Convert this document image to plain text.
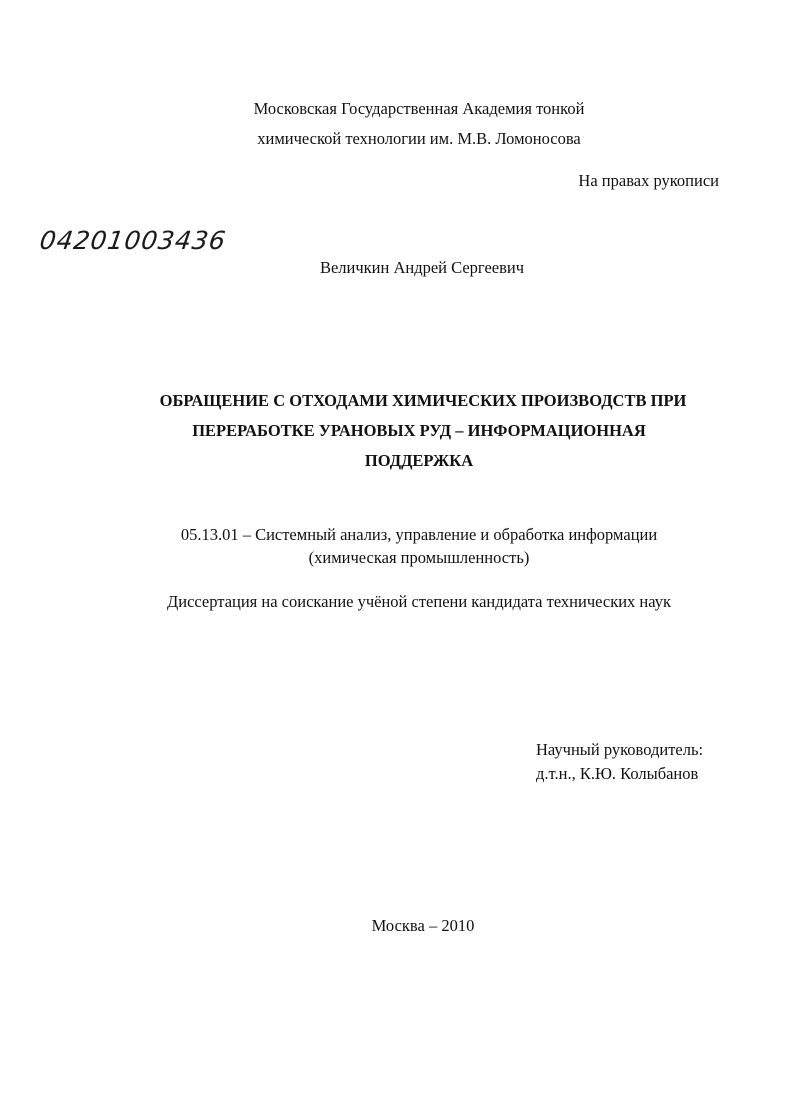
Московская Государственная Академия тонкой
химической технологии им. М.В. Ломоносова
На правах рукописи
04201003436
Величкин Андрей Сергеевич
ОБРАЩЕНИЕ С ОТХОДАМИ ХИМИЧЕСКИХ ПРОИЗВОДСТВ ПРИ
ПЕРЕРАБОТКЕ УРАНОВЫХ РУД – ИНФОРМАЦИОННАЯ
ПОДДЕРЖКА
05.13.01 – Системный анализ, управление и обработка информации
(химическая промышленность)
Диссертация на соискание учёной степени кандидата технических наук
Научный руководитель:
д.т.н., К.Ю. Колыбанов
Москва – 2010
